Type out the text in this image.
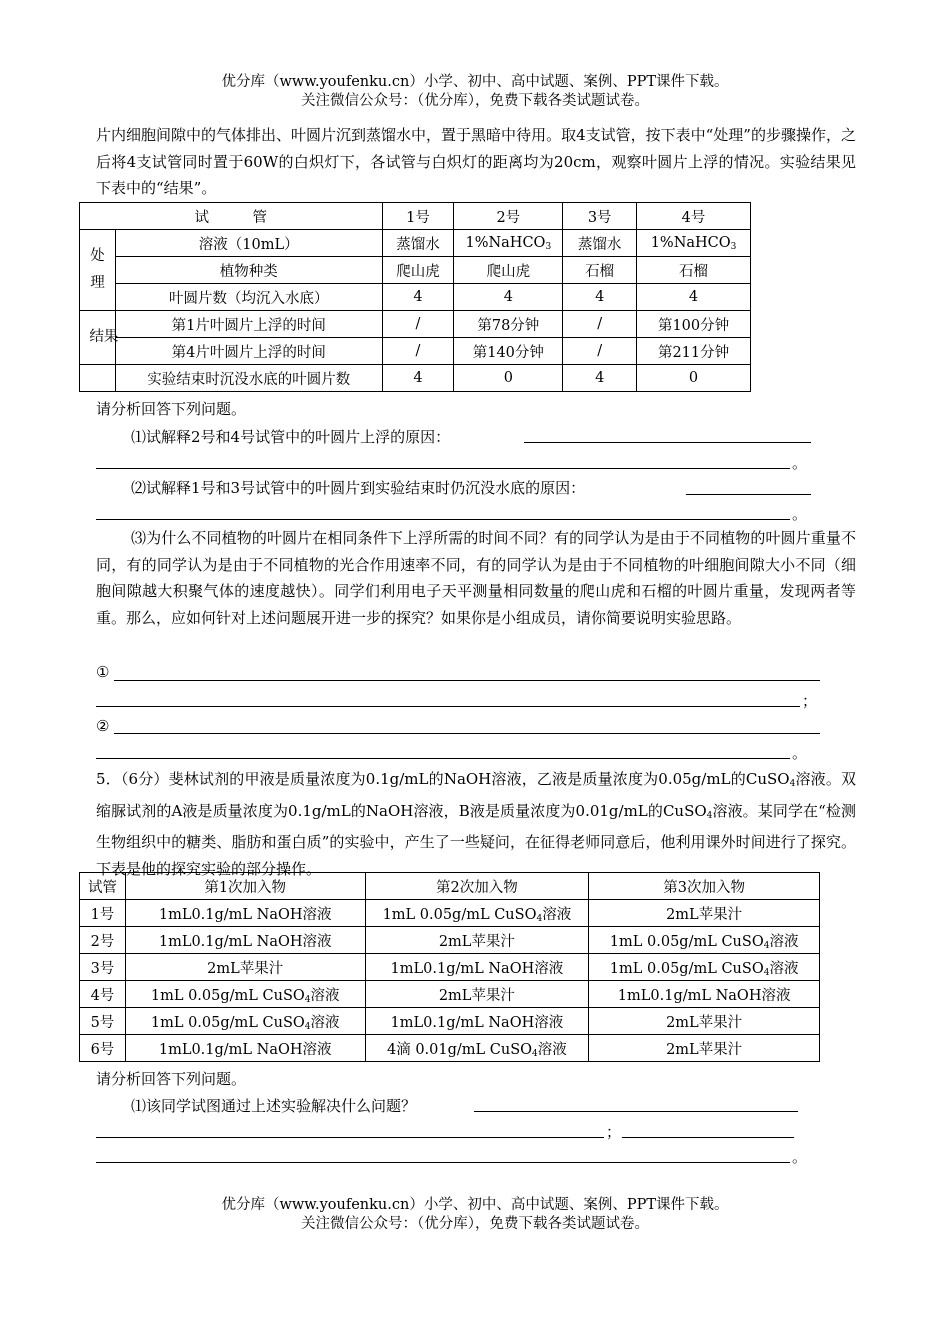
优分库（www.youfenku.cn）小学、初中、高中试题、案例、PPT课件下载。
关注微信公众号：（优分库），免费下载各类试题试卷。

片内细胞间隙中的气体排出、叶圆片沉到蒸馏水中，置于黑暗中待用。取4支试管，按下表中“处理”的步骤操作，之后将4支试管同时置于60W的白炽灯下，各试管与白炽灯的距离均为20cm，观察叶圆片上浮的情况。实验结果见下表中的“结果”。

试　　　管		1号	2号	3号	4号
处理	溶液（10mL）	蒸馏水	1%NaHCO$_3$	蒸馏水	1%NaHCO$_3$
	植物种类	爬山虎	爬山虎	石榴	石榴
	叶圆片数（均沉入水底）	4	4	4	4
结果	第1片叶圆片上浮的时间	/	第78分钟	/	第100分钟
	第4片叶圆片上浮的时间	/	第140分钟	/	第211分钟
	实验结束时沉没水底的叶圆片数	4	0	4	0
请分析回答下列问题。
⑴试解释2号和4号试管中的叶圆片上浮的原因：
。
⑵试解释1号和3号试管中的叶圆片到实验结束时仍沉没水底的原因：
。

⑶为什么不同植物的叶圆片在相同条件下上浮所需的时间不同？有的同学认为是由于不同植物的叶圆片重量不同，有的同学认为是由于不同植物的光合作用速率不同，有的同学认为是由于不同植物的叶细胞间隙大小不同（细胞间隙越大积聚气体的速度越快）。同学们利用电子天平测量相同数量的爬山虎和石榴的叶圆片重量，发现两者等重。那么，应如何针对上述问题展开进一步的探究？如果你是小组成员，请你简要说明实验思路。

①
；
②
。

5．（6分）斐林试剂的甲液是质量浓度为0.1g/mL的NaOH溶液，乙液是质量浓度为0.05g/mL的CuSO$_4$溶液。双缩脲试剂的A液是质量浓度为0.1g/mL的NaOH溶液，B液是质量浓度为0.01g/mL的CuSO$_4$溶液。某同学在“检测生物组织中的糖类、脂肪和蛋白质”的实验中，产生了一些疑问，在征得老师同意后，他利用课外时间进行了探究。下表是他的探究实验的部分操作。

试管	第1次加入物	第2次加入物	第3次加入物
1号	1mL0.1g/mL NaOH溶液	1mL 0.05g/mL CuSO$_4$溶液	2mL苹果汁
2号	1mL0.1g/mL NaOH溶液	2mL苹果汁	1mL 0.05g/mL CuSO$_4$溶液
3号	2mL苹果汁	1mL0.1g/mL NaOH溶液	1mL 0.05g/mL CuSO$_4$溶液
4号	1mL 0.05g/mL CuSO$_4$溶液	2mL苹果汁	1mL0.1g/mL NaOH溶液
5号	1mL 0.05g/mL CuSO$_4$溶液	1mL0.1g/mL NaOH溶液	2mL苹果汁
6号	1mL0.1g/mL NaOH溶液	4滴 0.01g/mL CuSO$_4$溶液	2mL苹果汁
请分析回答下列问题。
⑴该同学试图通过上述实验解决什么问题？
；
。
优分库（www.youfenku.cn）小学、初中、高中试题、案例、PPT课件下载。
关注微信公众号：（优分库），免费下载各类试题试卷。
